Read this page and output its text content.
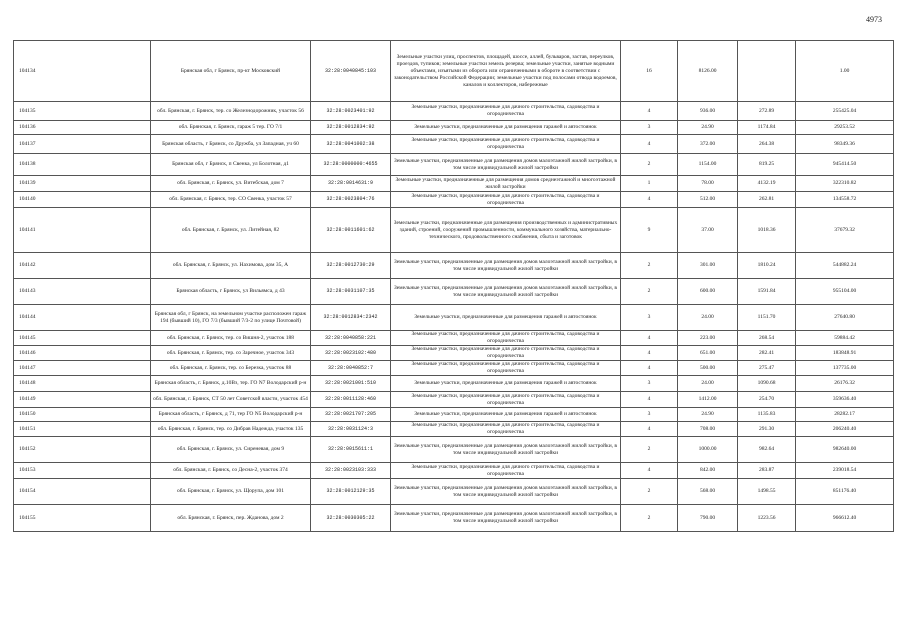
4973
104134	Брянская обл, г Брянск, пр-кт Московский	32:28:0040845:103	Земельные участки улиц, проспектов, площадей, шоссе, аллей, бульваров, застав, переулков, проездов, тупиков; земельные участки земель резерва; земельные участки, занятые водными объектами, изъятыми из оборота или ограниченными в обороте в соответствии с законодательством Российской Федерации; земельные участки под полосами отвода водоемов, каналов и коллекторов, набережные	16	8126.00		1.00
104135	обл. Брянская, г. Брянск, тер. со Железнодорожник, участок 56	32:28:0023401:92	Земельные участки, предназначенные для дачного строительства, садоводства и огородничества	4	936.00	272.89	255425.04
104136	обл. Брянская, г. Брянск, гараж 5 тер. ГО 7/1	32:28:0012834:92	Земельные участки, предназначенные для размещения гаражей и автостоянок	3	24.90	1174.84	29253.52
104137	Брянская область, г Брянск, со Дружба, ул Западная, уч 60	32:28:0041002:38	Земельные участки, предназначенные для дачного строительства, садоводства и огородничества	4	372.00	264.38	98349.36
104138	Брянская обл, г Брянск, п Свенка, ул Болотная, д1	32:28:0000000:4655	Земельные участки, предназначенные для размещения домов малоэтажной жилой застройки, в том числе индивидуальной жилой застройки	2	1154.00	819.25	945414.50
104139	обл. Брянская, г. Брянск, ул. Витебская, дом 7	32:28:0014631:9	Земельные участки, предназначенные для размещения домов среднеэтажной и многоэтажной жилой застройки	1	78.00	4132.19	322310.82
104140	обл. Брянская, г. Брянск, тер. СО Свенка, участок 57	32:28:0023804:76	Земельные участки, предназначенные для дачного строительства, садоводства и огородничества	4	512.00	262.81	134558.72
104141	обл. Брянская, г. Брянск, ул. Литейная, 82	32:28:0011601:62	Земельные участки, предназначенные для размещения производственных и административных зданий, строений, сооружений промышленности, коммунального хозяйства, материально-технического, продовольственного снабжения, сбыта и заготовок	9	37.00	1018.36	37679.32
104142	обл. Брянская, г. Брянск, ул. Нахимова, дом 35, А	32:28:0012730:29	Земельные участки, предназначенные для размещения домов малоэтажной жилой застройки, в том числе индивидуальной жилой застройки	2	301.00	1810.24	544882.24
104143	Брянская область, г Брянск, ул Вильямса, д 43	32:28:0031107:35	Земельные участки, предназначенные для размещения домов малоэтажной жилой застройки, в том числе индивидуальной жилой застройки	2	600.00	1591.84	955104.00
104144	Брянская обл, г Брянск, на земельном участке расположен гараж 194 (бывший 10), ГО 7/3 (бывший 7/3-2 по улице Почтовой)	32:28:0012834:2342	Земельные участки, предназначенные для размещения гаражей и автостоянок	3	24.00	1151.70	27640.80
104145	обл. Брянская, г. Брянск, тер. со Вишня-2, участок 188	32:28:0040858:221	Земельные участки, предназначенные для дачного строительства, садоводства и огородничества	4	223.00	268.54	59884.42
104146	обл. Брянская, г. Брянск, тер. со Заречное, участок 343	32:28:0023102:480	Земельные участки, предназначенные для дачного строительства, садоводства и огородничества	4	651.00	282.41	183848.91
104147	обл. Брянская, г. Брянск, тер. со Березка, участок 88	32:28:0040852:7	Земельные участки, предназначенные для дачного строительства, садоводства и огородничества	4	500.00	275.47	137735.00
104148	Брянская область, г. Брянск, д.10Вз, тер. ГО N7 Володарский р-н	32:28:0021001:510	Земельные участки, предназначенные для размещения гаражей и автостоянок	3	24.00	1090.68	26176.32
104149	обл. Брянская, г. Брянск, СТ 50 лет Советской власти, участок 454	32:28:0011128:460	Земельные участки, предназначенные для дачного строительства, садоводства и огородничества	4	1412.00	254.70	359636.40
104150	Брянская область, г Брянск, д 71, тер ГО N5 Володарский р-н	32:28:0021707:205	Земельные участки, предназначенные для размещения гаражей и автостоянок	3	24.90	1135.83	28282.17
104151	обл. Брянская, г. Брянск, тер. со Дибрав Надежда, участок 135	32:28:0031124:3	Земельные участки, предназначенные для дачного строительства, садоводства и огородничества	4	708.00	291.30	206240.40
104152	обл. Брянская, г. Брянск, ул. Сиреневая, дом 9	32:28:0015611:1	Земельные участки, предназначенные для размещения домов малоэтажной жилой застройки, в том числе индивидуальной жилой застройки	2	1000.00	982.64	982640.00
104153	обл. Брянская, г. Брянск, со Десна-2, участок 374	32:28:0023103:333	Земельные участки, предназначенные для дачного строительства, садоводства и огородничества	4	842.00	283.87	239018.54
104154	обл. Брянская, г. Брянск, ул. Щорупа, дом 101	32:28:0012129:35	Земельные участки, предназначенные для размещения домов малоэтажной жилой застройки, в том числе индивидуальной жилой застройки	2	568.00	1498.55	851176.40
104155	обл. Брянская, г. Брянск, пер. Жданова, дом 2	32:28:0030305:22	Земельные участки, предназначенные для размещения домов малоэтажной жилой застройки, в том числе индивидуальной жилой застройки	2	790.00	1223.56	966612.40
